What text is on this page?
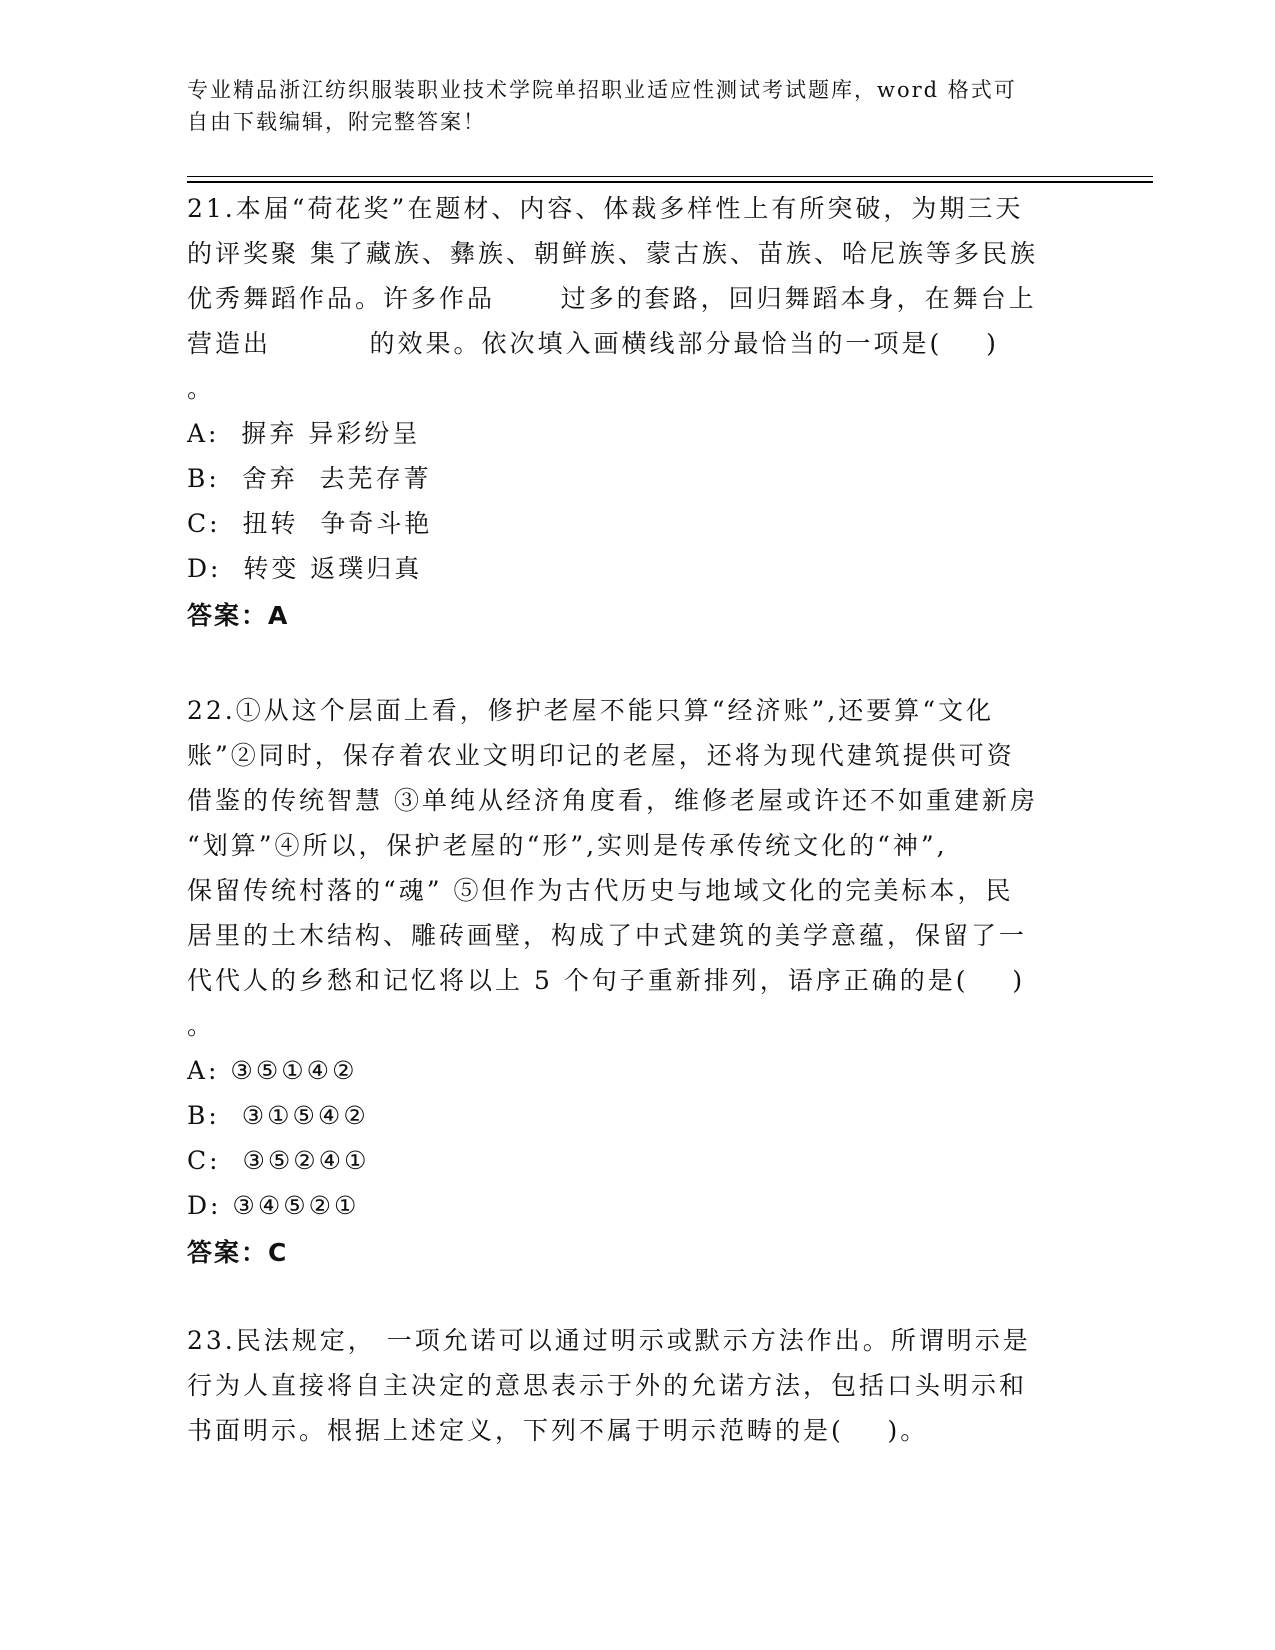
专业精品浙江纺织服装职业技术学院单招职业适应性测试考试题库，word 格式可
自由下载编辑，附完整答案！
21.本届“荷花奖”在题材、内容、体裁多样性上有所突破，为期三天
的评奖聚 集了藏族、彝族、朝鲜族、蒙古族、苗族、哈尼族等多民族
优秀舞蹈作品。许多作品      过多的套路，回归舞蹈本身，在舞台上
营造出         的效果。依次填入画横线部分最恰当的一项是(    )
。
A:  摒弃 异彩纷呈
B:  舍弃  去芜存菁
C:  扭转  争奇斗艳
D:  转变 返璞归真
答案：A
22.①从这个层面上看，修护老屋不能只算“经济账”,还要算“文化
账”②同时，保存着农业文明印记的老屋，还将为现代建筑提供可资
借鉴的传统智慧 ③单纯从经济角度看，维修老屋或许还不如重建新房
“划算”④所以，保护老屋的“形”,实则是传承传统文化的“神”,
保留传统村落的“魂” ⑤但作为古代历史与地域文化的完美标本，民
居里的土木结构、雕砖画壁，构成了中式建筑的美学意蕴，保留了一
代代人的乡愁和记忆将以上 5 个句子重新排列，语序正确的是(    )
。
A: ③⑤①④②
B:  ③①⑤④②
C:  ③⑤②④①
D: ③④⑤②①
答案：C
23.民法规定， 一项允诺可以通过明示或默示方法作出。所谓明示是
行为人直接将自主决定的意思表示于外的允诺方法，包括口头明示和
书面明示。根据上述定义，下列不属于明示范畴的是(    )。
